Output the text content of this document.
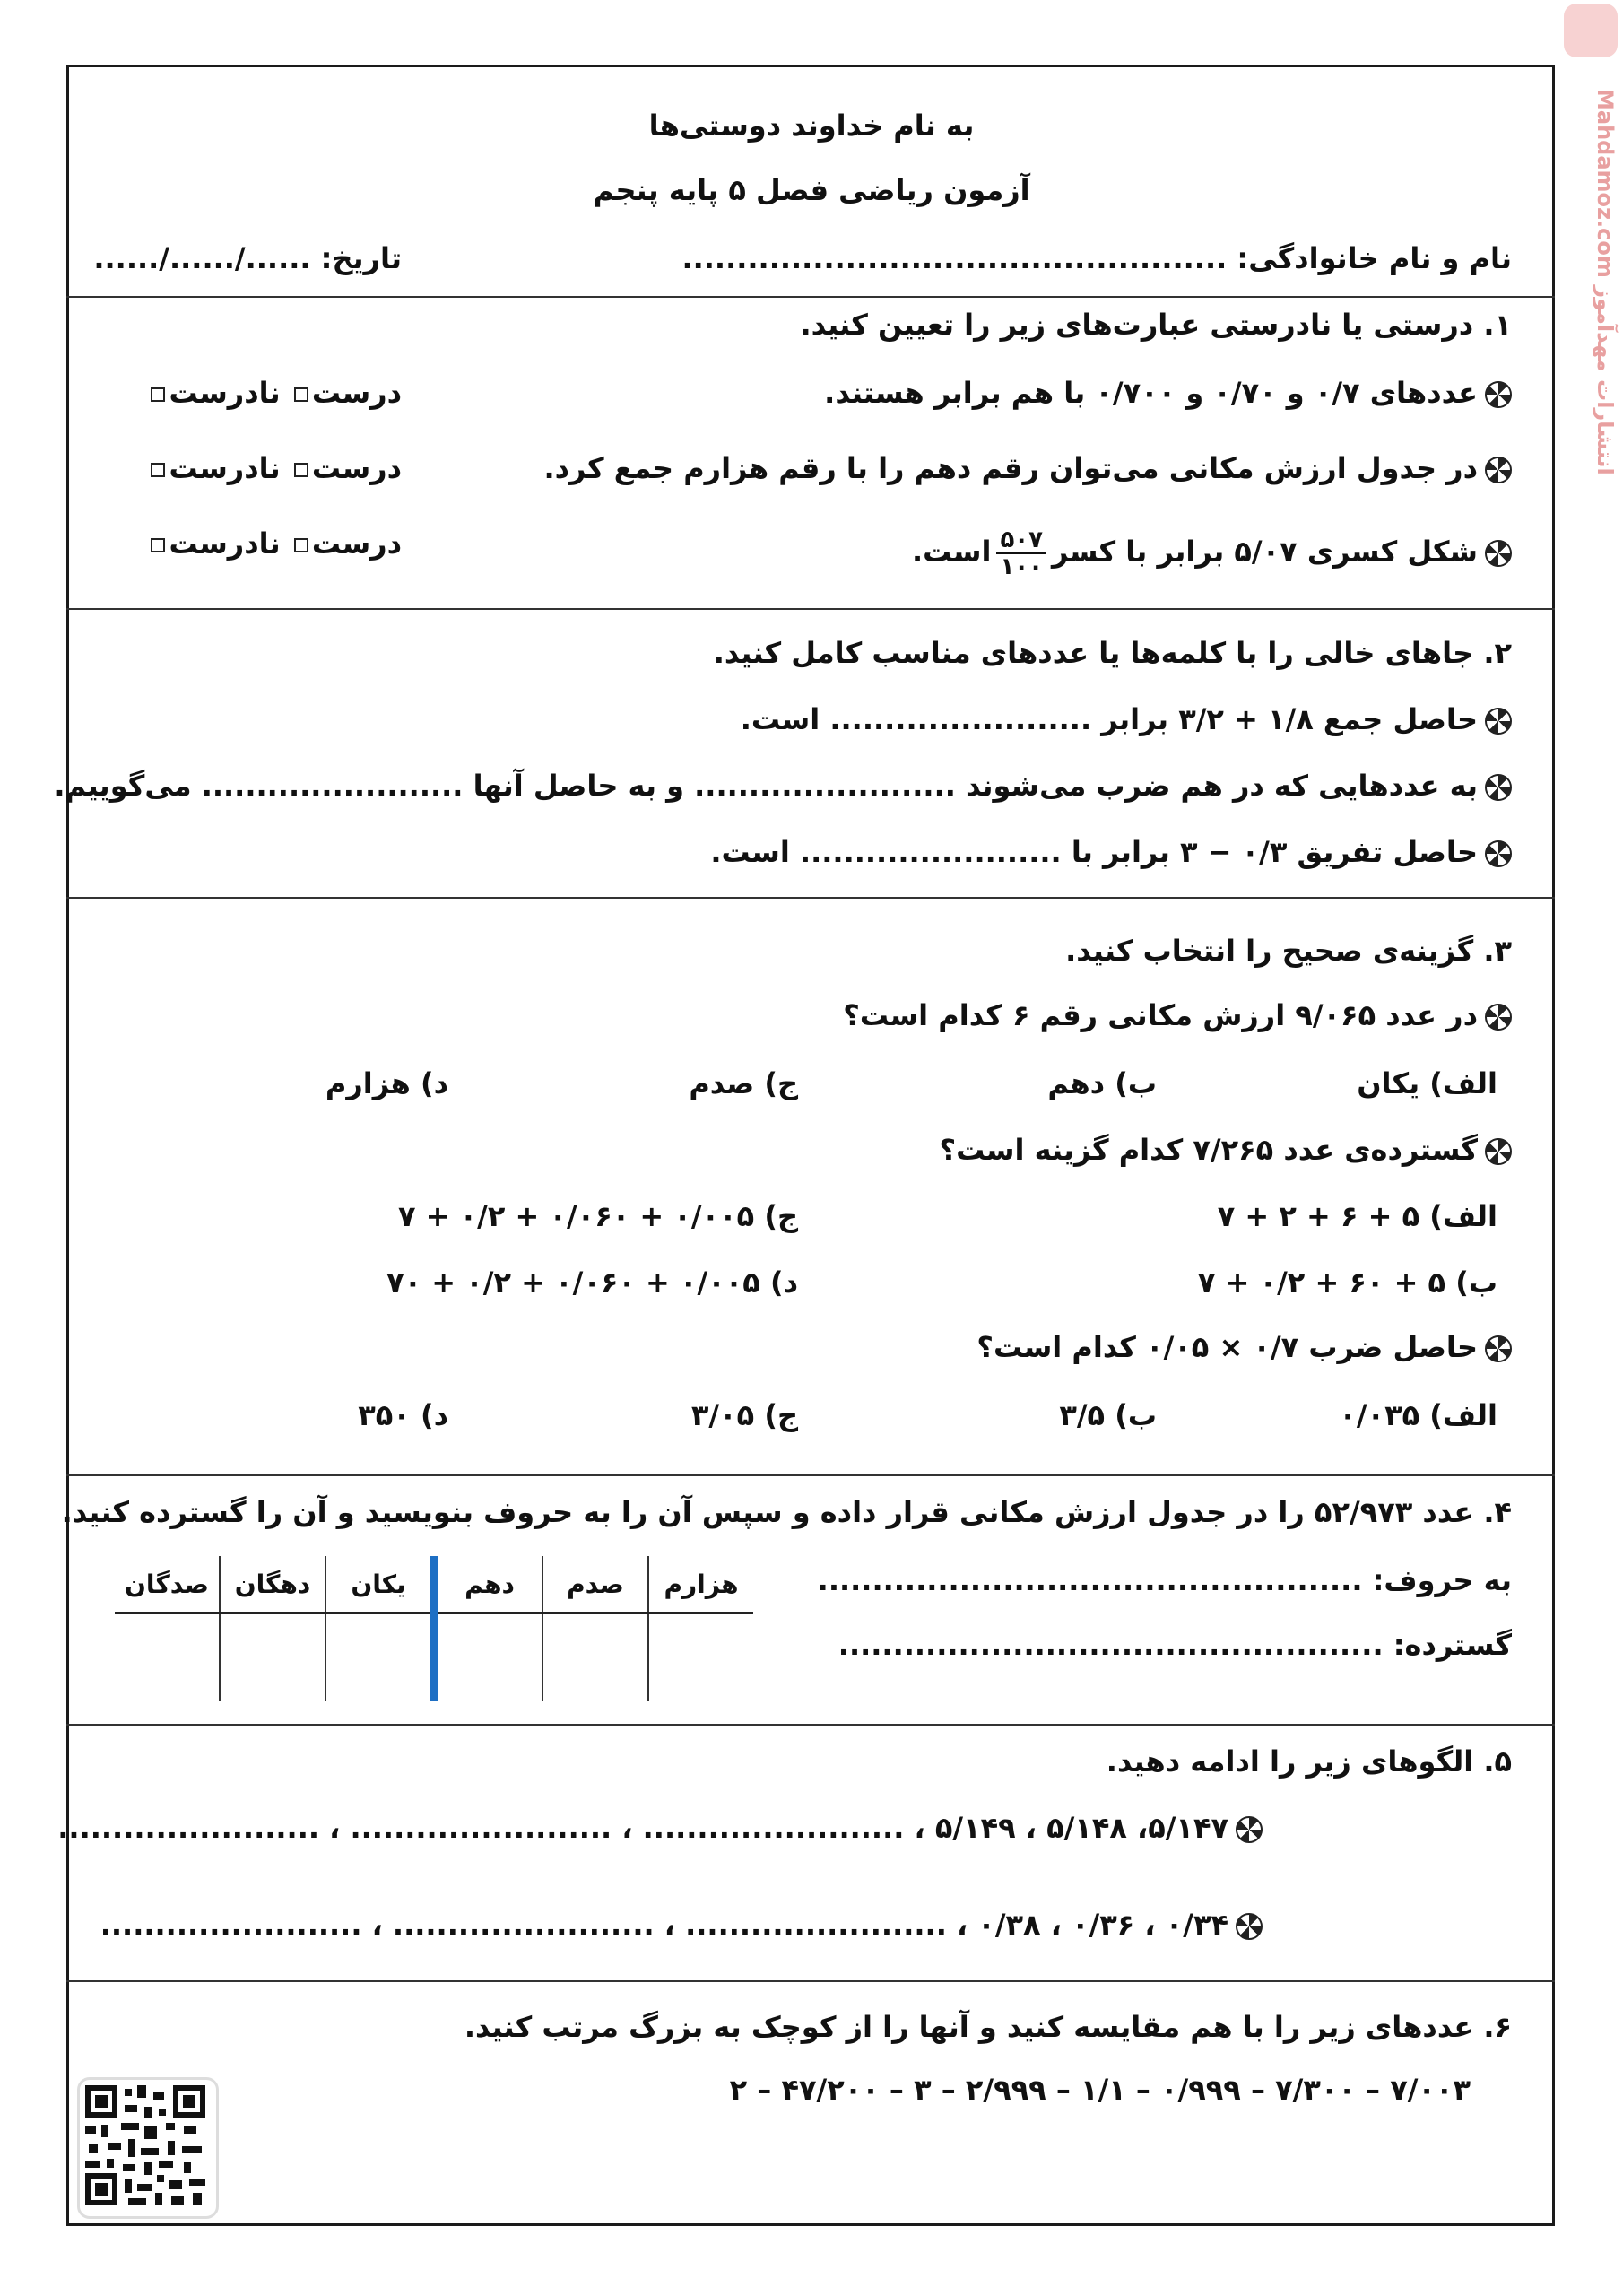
انتشارات مهدآموز Mahdamoz.com
به نام خداوند دوستی‌ها
آزمون ریاضی فصل ۵ پایه پنجم
نام و نام خانوادگی: ..................................................
تاریخ: ....../....../......
۱. درستی یا نادرستی عبارت‌های زیر را تعیین کنید.
عددهای ۰/۷ و ۰/۷۰ و ۰/۷۰۰ با هم برابر هستند.
درست نادرست
در جدول ارزش مکانی می‌توان رقم دهم را با رقم هزارم جمع کرد.
درست نادرست
شکل کسری ۵/۰۷ برابر با کسر
$\frac{۵۰۷}{۱۰۰}$
است.
درست نادرست
۲. جاهای خالی را با کلمه‌ها یا عددهای مناسب کامل کنید.
حاصل جمع ۱/۸ + ۳/۲ برابر ........................ است.
به عددهایی که در هم ضرب می‌شوند ........................ و به حاصل آنها ........................ می‌گوییم.
حاصل تفریق ۰/۳ − ۳ برابر با ........................ است.
۳. گزینه‌ی صحیح را انتخاب کنید.
در عدد ۹/۰۶۵ ارزش مکانی رقم ۶ کدام است؟
الف) یکان
ب) دهم
ج) صدم
د) هزارم
گسترده‌ی عدد ۷/۲۶۵ کدام گزینه است؟
الف) ۵ + ۶ + ۲ + ۷
ج) ۰/۰۰۵ + ۰/۰۶۰ + ۰/۲ + ۷
ب) ۵ + ۶۰ + ۰/۲ + ۷
د) ۰/۰۰۵ + ۰/۰۶۰ + ۰/۲ + ۷۰
حاصل ضرب ۰/۷ × ۰/۰۵ کدام است؟
الف) ۰/۰۳۵
ب) ۳/۵
ج) ۳/۰۵
د) ۳۵۰
۴. عدد ۵۲/۹۷۳ را در جدول ارزش مکانی قرار داده و سپس آن را به حروف بنویسید و آن را گسترده کنید.
به حروف: ..................................................
گسترده: ..................................................
هزارم	صدم	دهم	یکان	دهگان	صدگان

۵. الگوهای زیر را ادامه دهید.
۵/۱۴۷، ۵/۱۴۸ ، ۵/۱۴۹ ، ........................ ، ........................ ، ........................
۰/۳۴ ، ۰/۳۶ ، ۰/۳۸ ، ........................ ، ........................ ، ........................
۶. عددهای زیر را با هم مقایسه کنید و آنها را از کوچک به بزرگ مرتب کنید.
۷/۰۰۳ – ۷/۳۰۰ – ۰/۹۹۹ – ۱/۱ – ۲/۹۹۹ – ۳ – ۴۷/۲۰۰ – ۲
